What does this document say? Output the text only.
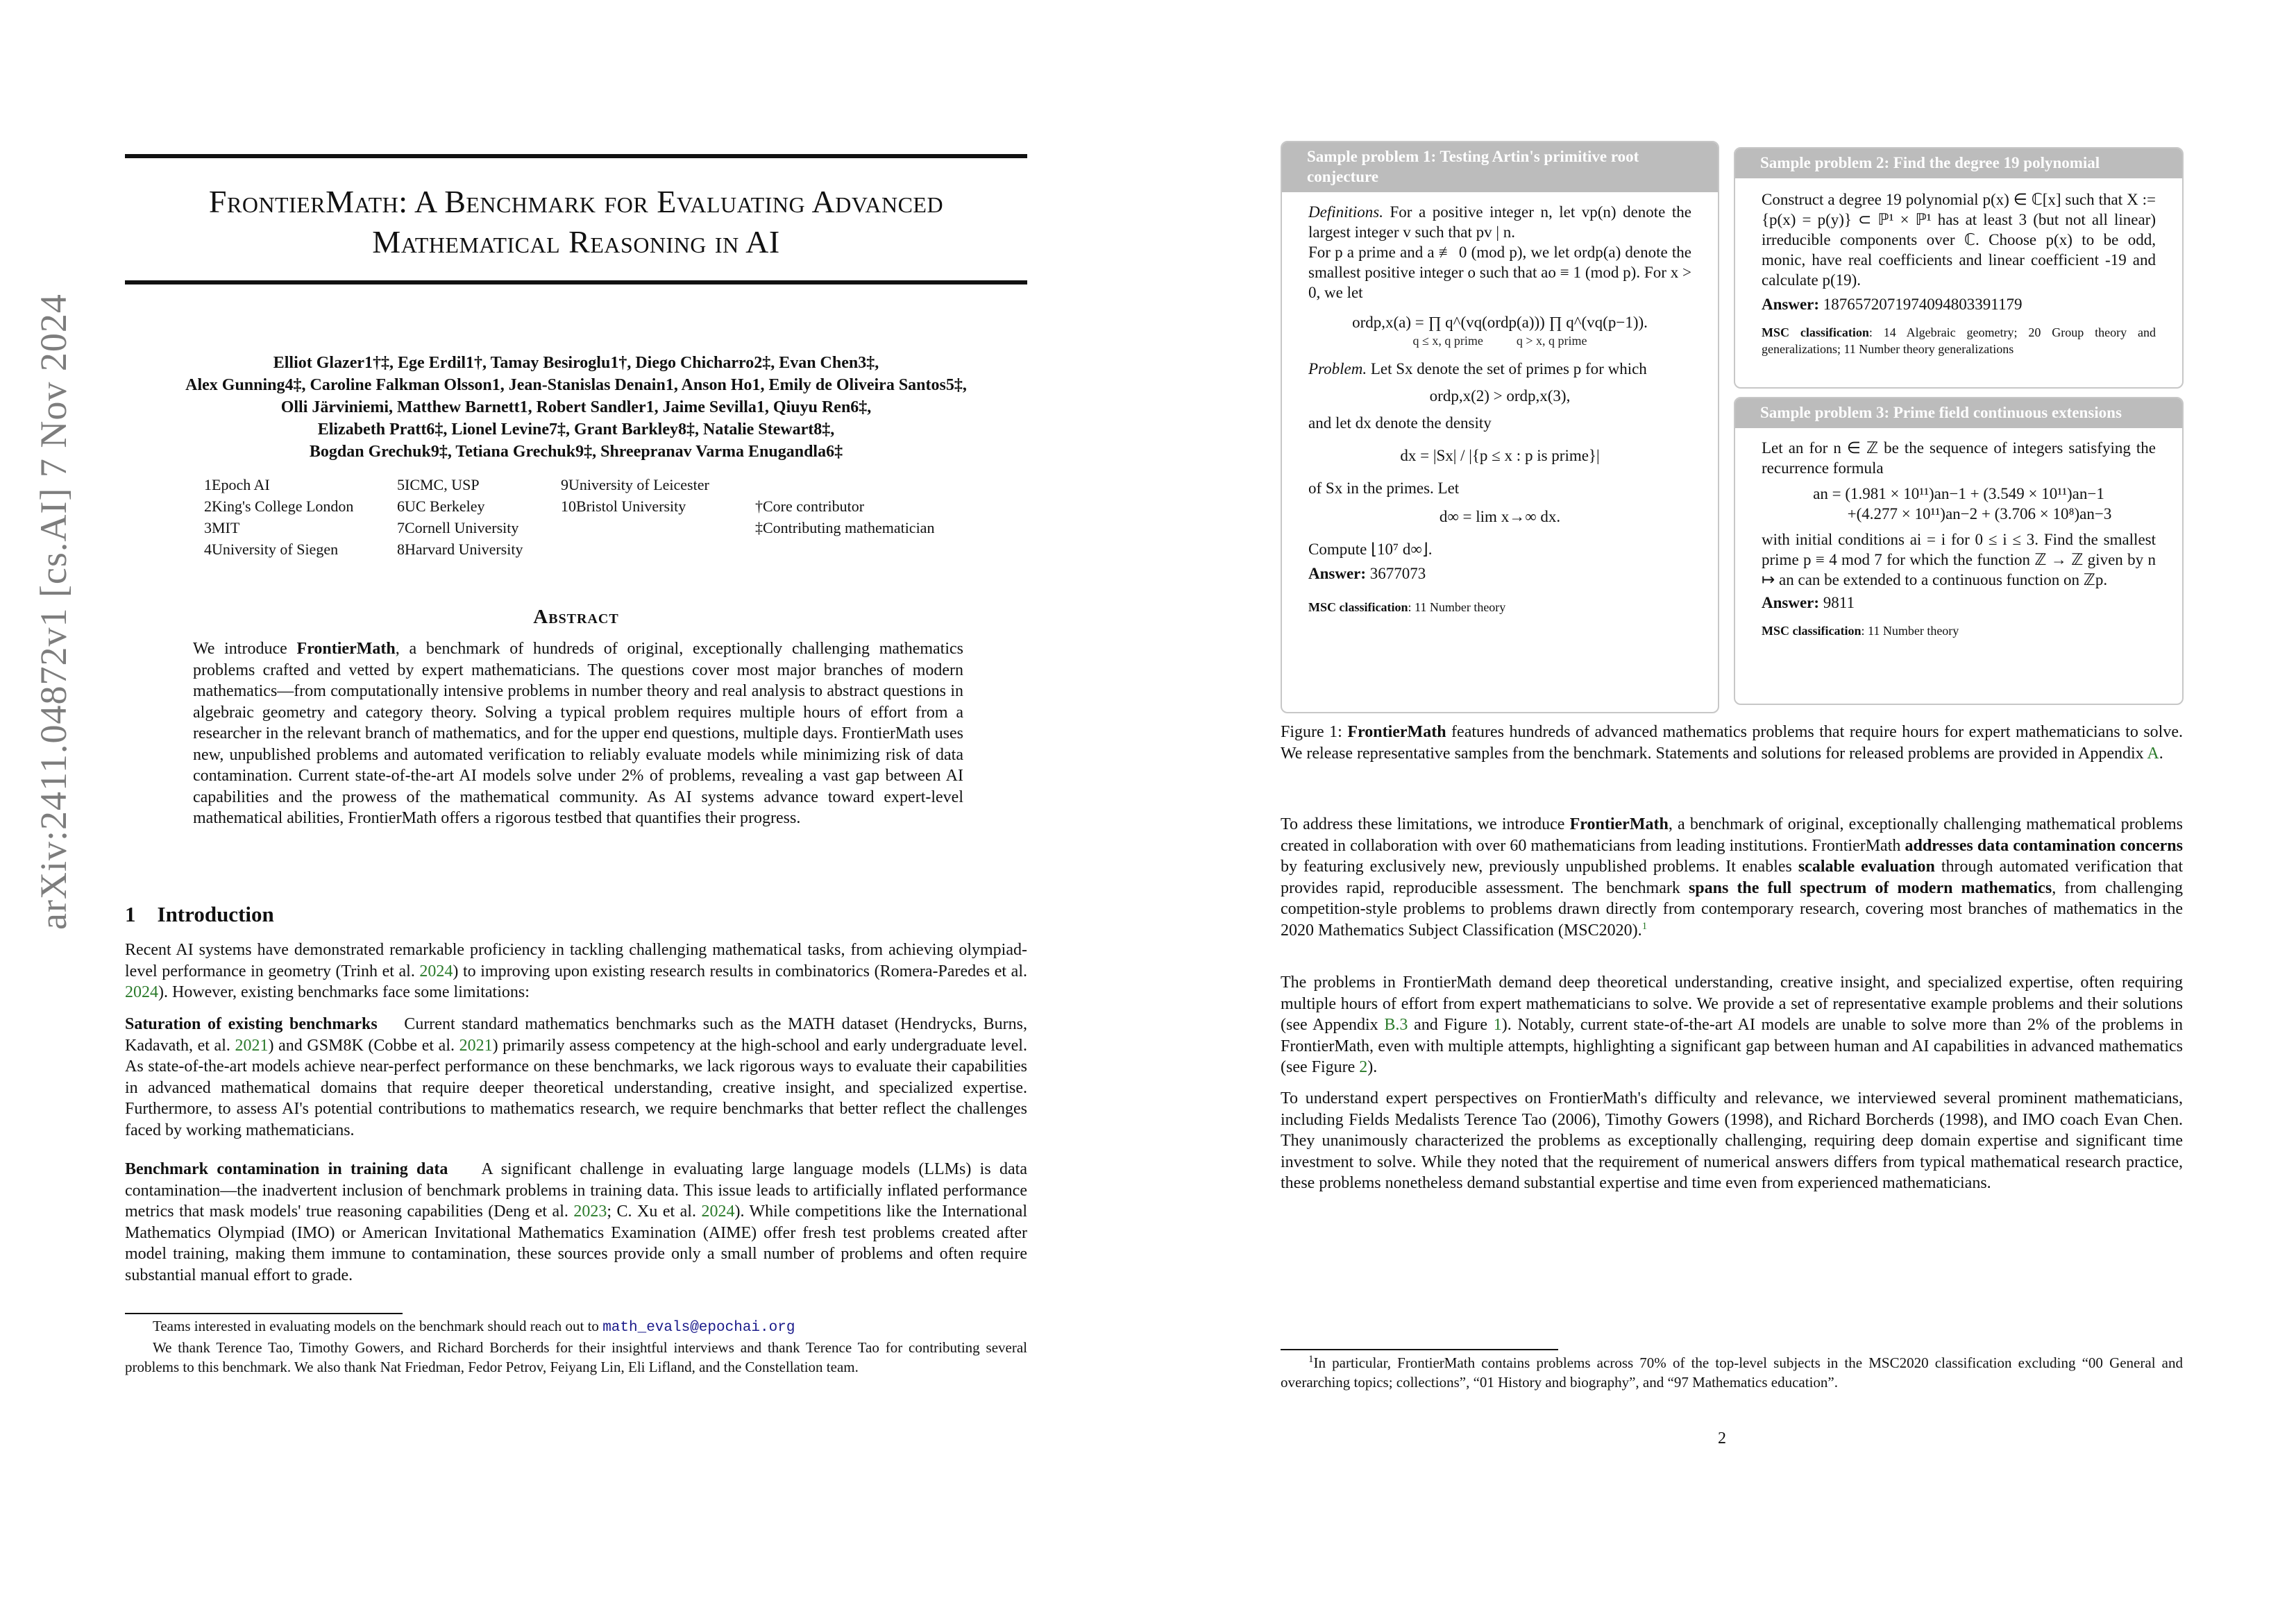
arXiv:2411.04872v1 [cs.AI] 7 Nov 2024
FrontierMath: A Benchmark for Evaluating Advanced
Mathematical Reasoning in AI
Elliot Glazer1†‡, Ege Erdil1†, Tamay Besiroglu1†, Diego Chicharro2‡, Evan Chen3‡,
Alex Gunning4‡, Caroline Falkman Olsson1, Jean-Stanislas Denain1, Anson Ho1, Emily de Oliveira Santos5‡,
Olli Järviniemi, Matthew Barnett1, Robert Sandler1, Jaime Sevilla1, Qiuyu Ren6‡,
Elizabeth Pratt6‡, Lionel Levine7‡, Grant Barkley8‡, Natalie Stewart8‡,
Bogdan Grechuk9‡, Tetiana Grechuk9‡, Shreepranav Varma Enugandla6‡
1Epoch AI
2King's College London
3MIT
4University of Siegen
5ICMC, USP
6UC Berkeley
7Cornell University
8Harvard University
9University of Leicester
10Bristol University	†Core contributor
‡Contributing mathematician
Abstract
We introduce FrontierMath, a benchmark of hundreds of original, exceptionally challenging mathematics problems crafted and vetted by expert mathematicians. The questions cover most major branches of modern mathematics—from computationally intensive problems in number theory and real analysis to abstract questions in algebraic geometry and category theory. Solving a typical problem requires multiple hours of effort from a researcher in the relevant branch of mathematics, and for the upper end questions, multiple days. FrontierMath uses new, unpublished problems and automated verification to reliably evaluate models while minimizing risk of data contamination. Current state-of-the-art AI models solve under 2% of problems, revealing a vast gap between AI capabilities and the prowess of the mathematical community. As AI systems advance toward expert-level mathematical abilities, FrontierMath offers a rigorous testbed that quantifies their progress.
1    Introduction
Recent AI systems have demonstrated remarkable proficiency in tackling challenging mathematical tasks, from achieving olympiad-level performance in geometry (Trinh et al. 2024) to improving upon existing research results in combinatorics (Romera-Paredes et al. 2024). However, existing benchmarks face some limitations:
Saturation of existing benchmarks    Current standard mathematics benchmarks such as the MATH dataset (Hendrycks, Burns, Kadavath, et al. 2021) and GSM8K (Cobbe et al. 2021) primarily assess competency at the high-school and early undergraduate level. As state-of-the-art models achieve near-perfect performance on these benchmarks, we lack rigorous ways to evaluate their capabilities in advanced mathematical domains that require deeper theoretical understanding, creative insight, and specialized expertise. Furthermore, to assess AI's potential contributions to mathematics research, we require benchmarks that better reflect the challenges faced by working mathematicians.
Benchmark contamination in training data    A significant challenge in evaluating large language models (LLMs) is data contamination—the inadvertent inclusion of benchmark problems in training data. This issue leads to artificially inflated performance metrics that mask models' true reasoning capabilities (Deng et al. 2023; C. Xu et al. 2024). While competitions like the International Mathematics Olympiad (IMO) or American Invitational Mathematics Examination (AIME) offer fresh test problems created after model training, making them immune to contamination, these sources provide only a small number of problems and often require substantial manual effort to grade.
Teams interested in evaluating models on the benchmark should reach out to math_evals@epochai.org
We thank Terence Tao, Timothy Gowers, and Richard Borcherds for their insightful interviews and thank Terence Tao for contributing several problems to this benchmark. We also thank Nat Friedman, Fedor Petrov, Feiyang Lin, Eli Lifland, and the Constellation team.
Sample problem 1: Testing Artin's primitive root conjecture
Definitions. For a positive integer n, let vp(n) denote the largest integer v such that pv | n.
For p a prime and a ≢ 0 (mod p), we let ordp(a) denote the smallest positive integer o such that ao ≡ 1 (mod p). For x > 0, we let
ordp,x(a) = ∏ q^(vq(ordp(a))) ∏ q^(vq(p−1)).
q ≤ x, q prime	q > x, q prime
Problem. Let Sx denote the set of primes p for which
ordp,x(2) > ordp,x(3),
and let dx denote the density
dx = |Sx| / |{p ≤ x : p is prime}|
of Sx in the primes. Let
d∞ = lim x→∞ dx.
Compute ⌊10⁷ d∞⌋.
Answer: 3677073
MSC classification: 11 Number theory
Sample problem 2: Find the degree 19 polynomial
Construct a degree 19 polynomial p(x) ∈ ℂ[x] such that X := {p(x) = p(y)} ⊂ ℙ¹ × ℙ¹ has at least 3 (but not all linear) irreducible components over ℂ. Choose p(x) to be odd, monic, have real coefficients and linear coefficient -19 and calculate p(19).
Answer: 1876572071974094803391179
MSC classification: 14 Algebraic geometry; 20 Group theory and generalizations; 11 Number theory generalizations
Sample problem 3: Prime field continuous extensions
Let an for n ∈ ℤ be the sequence of integers satisfying the recurrence formula
an = (1.981 × 10¹¹)an−1 + (3.549 × 10¹¹)an−1
+(4.277 × 10¹¹)an−2 + (3.706 × 10⁸)an−3
with initial conditions ai = i for 0 ≤ i ≤ 3. Find the smallest prime p ≡ 4 mod 7 for which the function ℤ → ℤ given by n ↦ an can be extended to a continuous function on ℤp.
Answer: 9811
MSC classification: 11 Number theory
Figure 1: FrontierMath features hundreds of advanced mathematics problems that require hours for expert mathematicians to solve. We release representative samples from the benchmark. Statements and solutions for released problems are provided in Appendix A.
To address these limitations, we introduce FrontierMath, a benchmark of original, exceptionally challenging mathematical problems created in collaboration with over 60 mathematicians from leading institutions. FrontierMath addresses data contamination concerns by featuring exclusively new, previously unpublished problems. It enables scalable evaluation through automated verification that provides rapid, reproducible assessment. The benchmark spans the full spectrum of modern mathematics, from challenging competition-style problems to problems drawn directly from contemporary research, covering most branches of mathematics in the 2020 Mathematics Subject Classification (MSC2020).$^1$
The problems in FrontierMath demand deep theoretical understanding, creative insight, and specialized expertise, often requiring multiple hours of effort from expert mathematicians to solve. We provide a set of representative example problems and their solutions (see Appendix B.3 and Figure 1). Notably, current state-of-the-art AI models are unable to solve more than 2% of the problems in FrontierMath, even with multiple attempts, highlighting a significant gap between human and AI capabilities in advanced mathematics (see Figure 2).
To understand expert perspectives on FrontierMath's difficulty and relevance, we interviewed several prominent mathematicians, including Fields Medalists Terence Tao (2006), Timothy Gowers (1998), and Richard Borcherds (1998), and IMO coach Evan Chen. They unanimously characterized the problems as exceptionally challenging, requiring deep domain expertise and significant time investment to solve. While they noted that the requirement of numerical answers differs from typical mathematical research practice, these problems nonetheless demand substantial expertise and time even from experienced mathematicians.
$^1$In particular, FrontierMath contains problems across 70% of the top-level subjects in the MSC2020 classification excluding “00 General and overarching topics; collections”, “01 History and biography”, and “97 Mathematics education”.
2
